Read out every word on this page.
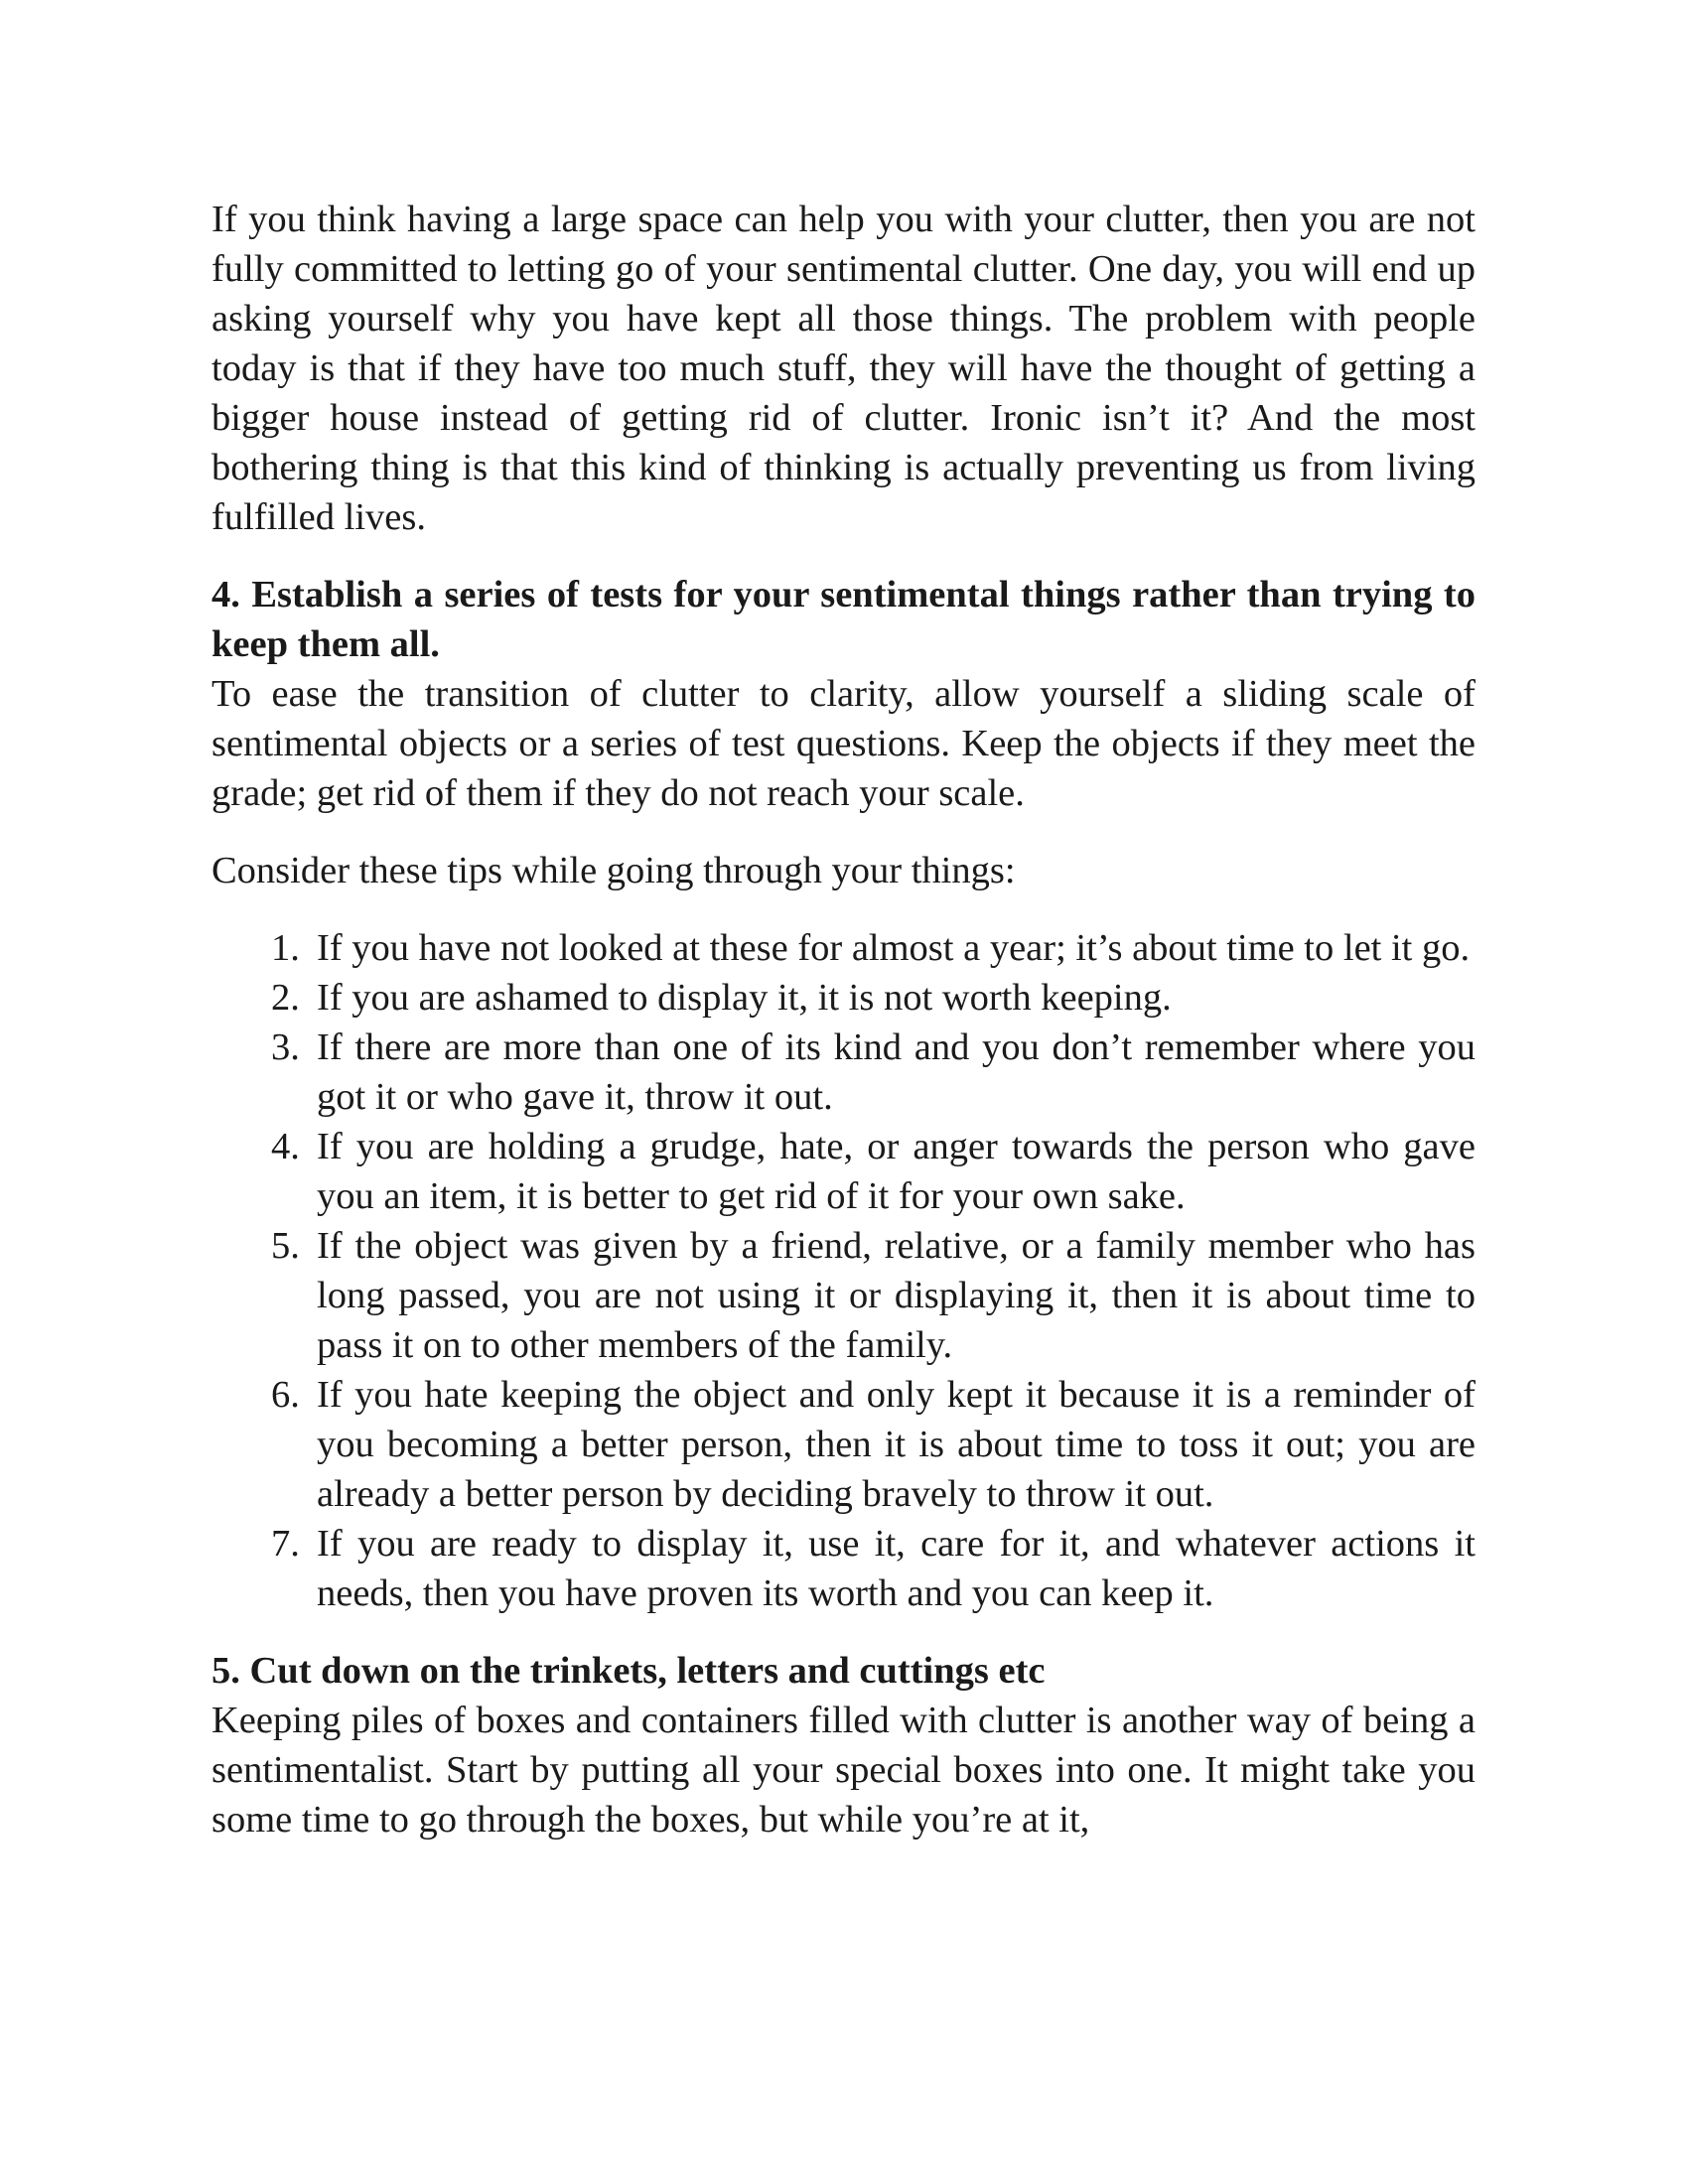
If you think having a large space can help you with your clutter, then you are not fully committed to letting go of your sentimental clutter. One day, you will end up asking yourself why you have kept all those things. The problem with people today is that if they have too much stuff, they will have the thought of getting a bigger house instead of getting rid of clutter. Ironic isn’t it? And the most bothering thing is that this kind of thinking is actually preventing us from living fulfilled lives.

4. Establish a series of tests for your sentimental things rather than trying to keep them all.

To ease the transition of clutter to clarity, allow yourself a sliding scale of sentimental objects or a series of test questions. Keep the objects if they meet the grade; get rid of them if they do not reach your scale.

Consider these tips while going through your things:

1. If you have not looked at these for almost a year; it’s about time to let it go.
2. If you are ashamed to display it, it is not worth keeping.
3. If there are more than one of its kind and you don’t remember where you got it or who gave it, throw it out.
4. If you are holding a grudge, hate, or anger towards the person who gave you an item, it is better to get rid of it for your own sake.
5. If the object was given by a friend, relative, or a family member who has long passed, you are not using it or displaying it, then it is about time to pass it on to other members of the family.
6. If you hate keeping the object and only kept it because it is a reminder of you becoming a better person, then it is about time to toss it out; you are already a better person by deciding bravely to throw it out.
7. If you are ready to display it, use it, care for it, and whatever actions it needs, then you have proven its worth and you can keep it.

5. Cut down on the trinkets, letters and cuttings etc

Keeping piles of boxes and containers filled with clutter is another way of being a sentimentalist. Start by putting all your special boxes into one. It might take you some time to go through the boxes, but while you’re at it,
